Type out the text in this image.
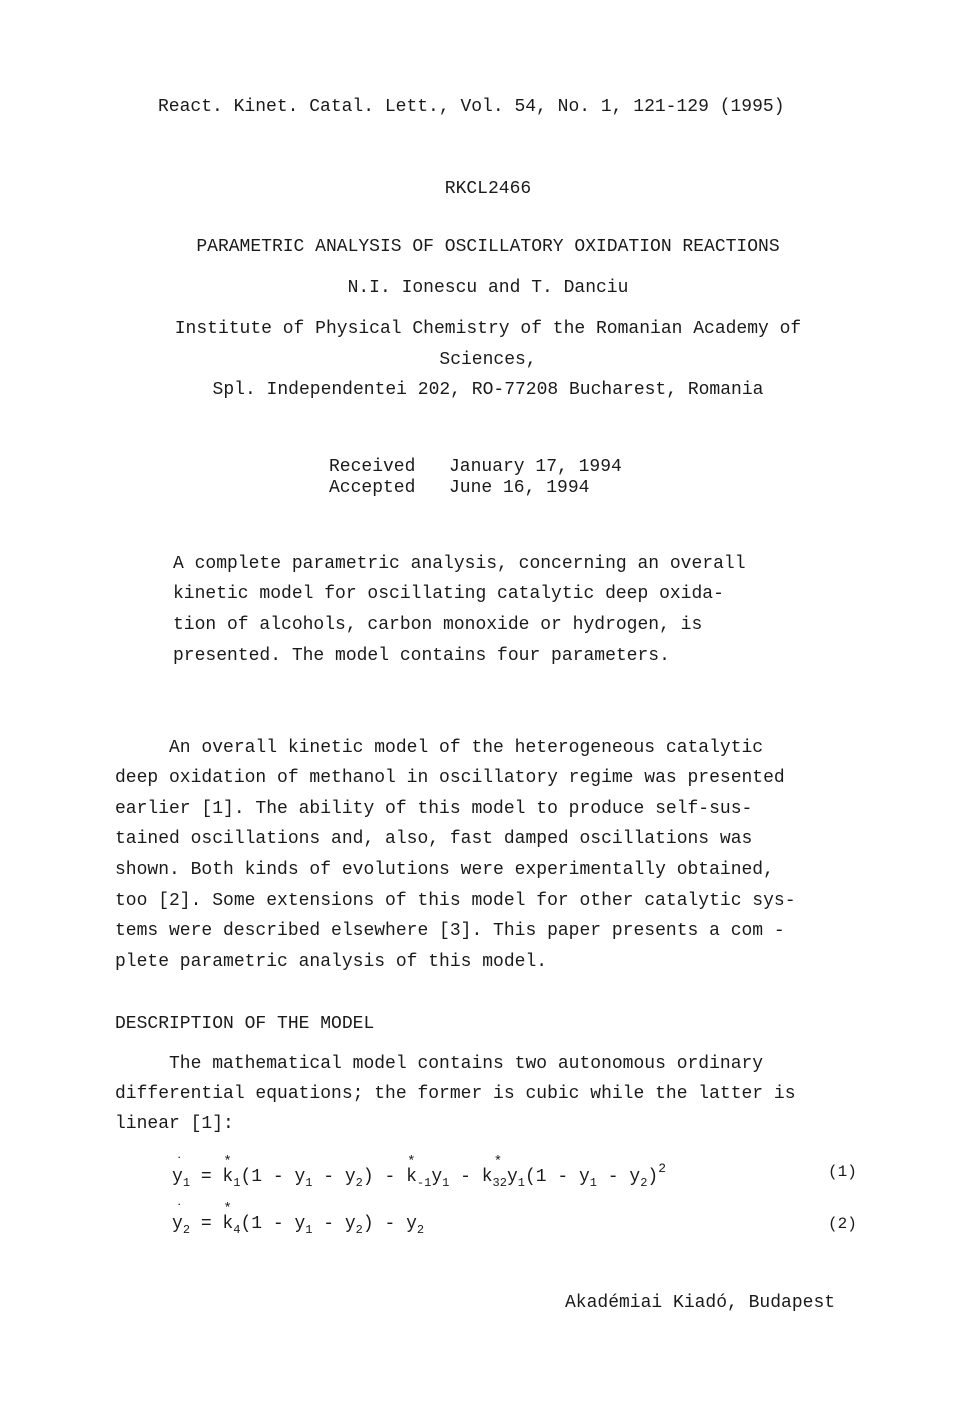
React. Kinet. Catal. Lett., Vol. 54, No. 1, 121-129 (1995)
RKCL2466
PARAMETRIC ANALYSIS OF OSCILLATORY OXIDATION REACTIONS
N.I. Ionescu and T. Danciu
Institute of Physical Chemistry of the Romanian Academy of
Sciences,
Spl. Independentei 202, RO-77208 Bucharest, Romania
Received January 17, 1994
Accepted June 16, 1994
A complete parametric analysis, concerning an overall
kinetic model for oscillating catalytic deep oxida-
tion of alcohols, carbon monoxide or hydrogen, is
presented. The model contains four parameters.
An overall kinetic model of the heterogeneous catalytic
deep oxidation of methanol in oscillatory regime was presented
earlier [1]. The ability of this model to produce self-sus-
tained oscillations and, also, fast damped oscillations was
shown. Both kinds of evolutions were experimentally obtained,
too [2]. Some extensions of this model for other catalytic sys-
tems were described elsewhere [3]. This paper presents a com -
plete parametric analysis of this model.
DESCRIPTION OF THE MODEL
The mathematical model contains two autonomous ordinary
differential equations; the former is cubic while the latter is
linear [1]:
y
˙
$_1$ = k
*
$_1(1 - y_1 - y_2)$ - k
*
$_{-1}y_1$ - k
*
$_{32}y_1(1 - y_1 - y_2)^2$	(1)
y
˙
$_2$ = k
*
$_4(1 - y_1 - y_2) - y_2$	(2)
Akadémiai Kiadó, Budapest
